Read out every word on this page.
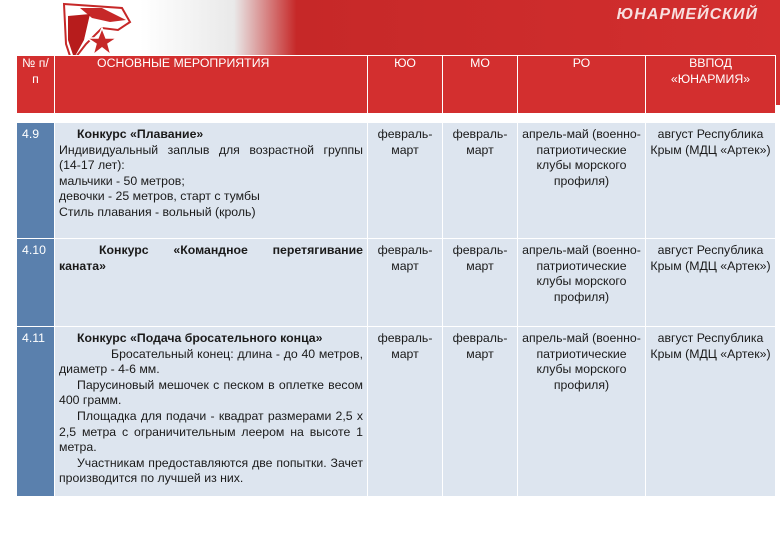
ЮНАРМЕЙСКИЙ
№ п/п	ОСНОВНЫЕ МЕРОПРИЯТИЯ	ЮО	МО	РО	ВВПОД «ЮНАРМИЯ»

4.9	Конкурс «Плавание»

Индивидуальный заплыв для возрастной группы (14-17 лет):

мальчики - 50 метров;

девочки - 25 метров, старт с тумбы

Стиль плавания - вольный (кроль)	февраль-март	февраль-март	апрель-май (военно-патриотические клубы морского профиля)	август Республика Крым (МДЦ «Артек»)
4.10	Конкурс «Командное перетягивание каната»	февраль-март	февраль-март	апрель-май (военно-патриотические клубы морского профиля)	август Республика Крым (МДЦ «Артек»)
4.11	Конкурс «Подача бросательного конца»

Бросательный конец: длина - до 40 метров, диаметр - 4-6 мм.

Парусиновый мешочек с песком в оплетке весом 400 грамм.

Площадка для подачи - квадрат размерами 2,5 х 2,5 метра с ограничительным леером на высоте 1 метра.

Участникам предоставляются две попытки. Зачет производится по лучшей из них.	февраль-март	февраль-март	апрель-май (военно-патриотические клубы морского профиля)	август Республика Крым (МДЦ «Артек»)
